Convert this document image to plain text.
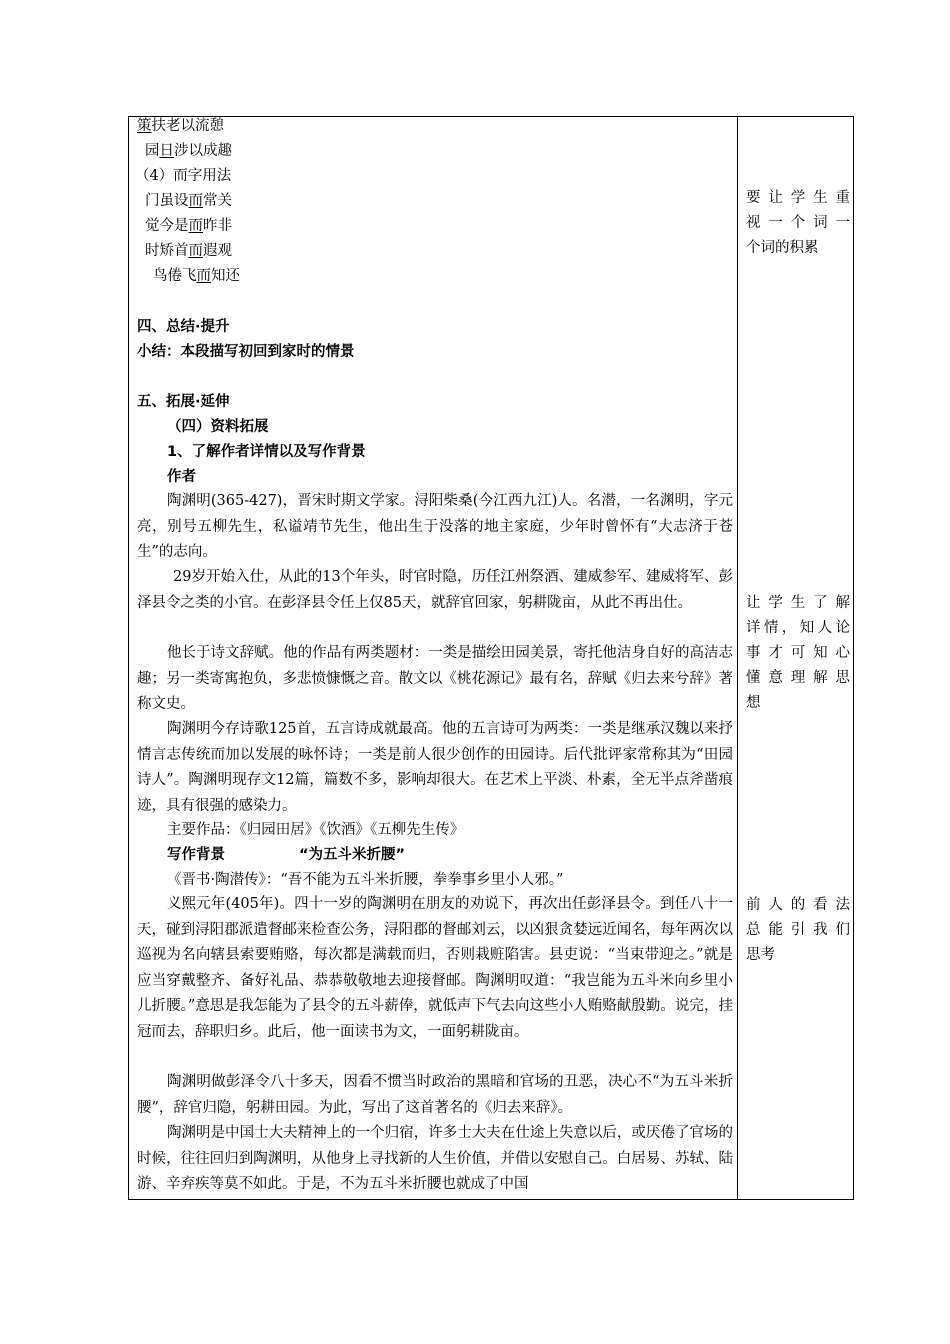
策扶老以流憩
园日涉以成趣
（4）而字用法
门虽设而常关
觉今是而昨非
时矫首而遐观
鸟倦飞而知还
四、总结·提升
小结：本段描写初回到家时的情景
五、拓展·延伸
（四）资料拓展
1、了解作者详情以及写作背景
作者

陶渊明(365-427)，晋宋时期文学家。浔阳柴桑(今江西九江)人。名潜，一名渊明，字元亮，别号五柳先生，私谥靖节先生，他出生于没落的地主家庭，少年时曾怀有“大志济于苍生”的志向。

29岁开始入仕，从此的13个年头，时官时隐，历任江州祭酒、建威参军、建威将军、彭泽县令之类的小官。在彭泽县令任上仅85天，就辞官回家，躬耕陇亩，从此不再出仕。

他长于诗文辞赋。他的作品有两类题材：一类是描绘田园美景，寄托他洁身自好的高洁志趣；另一类寄寓抱负，多悲愤慷慨之音。散文以《桃花源记》最有名，辞赋《归去来兮辞》著称文史。

陶渊明今存诗歌125首，五言诗成就最高。他的五言诗可为两类：一类是继承汉魏以来抒情言志传统而加以发展的咏怀诗；一类是前人很少创作的田园诗。后代批评家常称其为“田园诗人”。陶渊明现存文12篇，篇数不多，影响却很大。在艺术上平淡、朴素，全无半点斧凿痕迹，具有很强的感染力。

主要作品：《归园田居》《饮酒》《五柳先生传》
写作背景	“为五斗米折腰”
《晋书·陶潜传》：“吾不能为五斗米折腰，拳拳事乡里小人邪。”

义熙元年(405年)。四十一岁的陶渊明在朋友的劝说下，再次出任彭泽县令。到任八十一天，碰到浔阳郡派遣督邮来检查公务，浔阳郡的督邮刘云，以凶狠贪婪远近闻名，每年两次以巡视为名向辖县索要贿赂，每次都是满载而归，否则栽赃陷害。县吏说：“当束带迎之。”就是应当穿戴整齐、备好礼品、恭恭敬敬地去迎接督邮。陶渊明叹道：“我岂能为五斗米向乡里小儿折腰。”意思是我怎能为了县令的五斗薪俸，就低声下气去向这些小人贿赂献殷勤。说完，挂冠而去，辞职归乡。此后，他一面读书为文，一面躬耕陇亩。

陶渊明做彭泽令八十多天，因看不惯当时政治的黑暗和官场的丑恶，决心不“为五斗米折腰”，辞官归隐，躬耕田园。为此，写出了这首著名的《归去来辞》。

陶渊明是中国士大夫精神上的一个归宿，许多士大夫在仕途上失意以后，或厌倦了官场的时候，往往回归到陶渊明，从他身上寻找新的人生价值，并借以安慰自己。白居易、苏轼、陆游、辛弃疾等莫不如此。于是，不为五斗米折腰也就成了中国

要让学生重
视一个词一
个词的积累
让学生了解
详情，知人论
事才可知心
懂意理解思
想
前人的看法
总能引我们
思考
